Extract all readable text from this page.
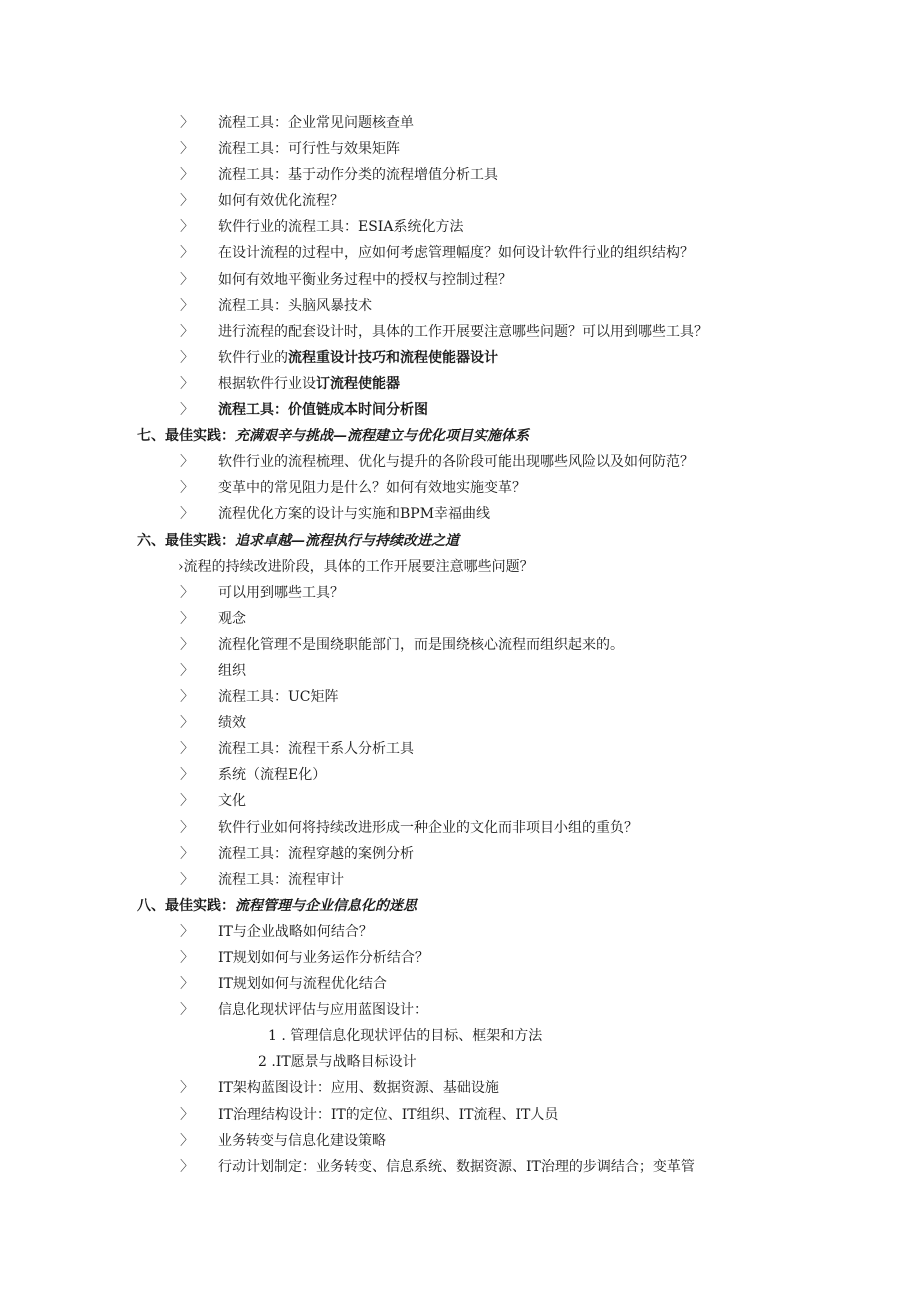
〉	流程工具：企业常见问题核查单
〉	流程工具：可行性与效果矩阵
〉	流程工具：基于动作分类的流程增值分析工具
〉	如何有效优化流程？
〉	软件行业的流程工具：ESIA系统化方法
〉	在设计流程的过程中，应如何考虑管理幅度？如何设计软件行业的组织结构？
〉	如何有效地平衡业务过程中的授权与控制过程？
〉	流程工具：头脑风暴技术
〉	进行流程的配套设计时，具体的工作开展要注意哪些问题？可以用到哪些工具？
〉	软件行业的流程重设计技巧和流程使能器设计
〉	根据软件行业设订流程使能器
〉	流程工具：价值链成本时间分析图
七、最佳实践：充满艰辛与挑战—流程建立与优化项目实施体系
〉	软件行业的流程梳理、优化与提升的各阶段可能出现哪些风险以及如何防范？
〉	变革中的常见阻力是什么？如何有效地实施变革？
〉	流程优化方案的设计与实施和BPM幸福曲线
六、最佳实践：追求卓越—流程执行与持续改进之道
›流程的持续改进阶段，具体的工作开展要注意哪些问题？
〉	可以用到哪些工具？
〉	观念
〉	流程化管理不是围绕职能部门，而是围绕核心流程而组织起来的。
〉	组织
〉	流程工具：UC矩阵
〉	绩效
〉	流程工具：流程干系人分析工具
〉	系统（流程E化）
〉	文化
〉	软件行业如何将持续改进形成一种企业的文化而非项目小组的重负？
〉	流程工具：流程穿越的案例分析
〉	流程工具：流程审计
八、最佳实践：流程管理与企业信息化的迷思
〉	IT与企业战略如何结合？
〉	IT规划如何与业务运作分析结合？
〉	IT规划如何与流程优化结合
〉	信息化现状评估与应用蓝图设计：
1 . 管理信息化现状评估的目标、框架和方法
2 .IT愿景与战略目标设计
〉	IT架构蓝图设计：应用、数据资源、基础设施
〉	IT治理结构设计：IT的定位、IT组织、IT流程、IT人员
〉	业务转变与信息化建设策略
〉	行动计划制定：业务转变、信息系统、数据资源、IT治理的步调结合；变革管
